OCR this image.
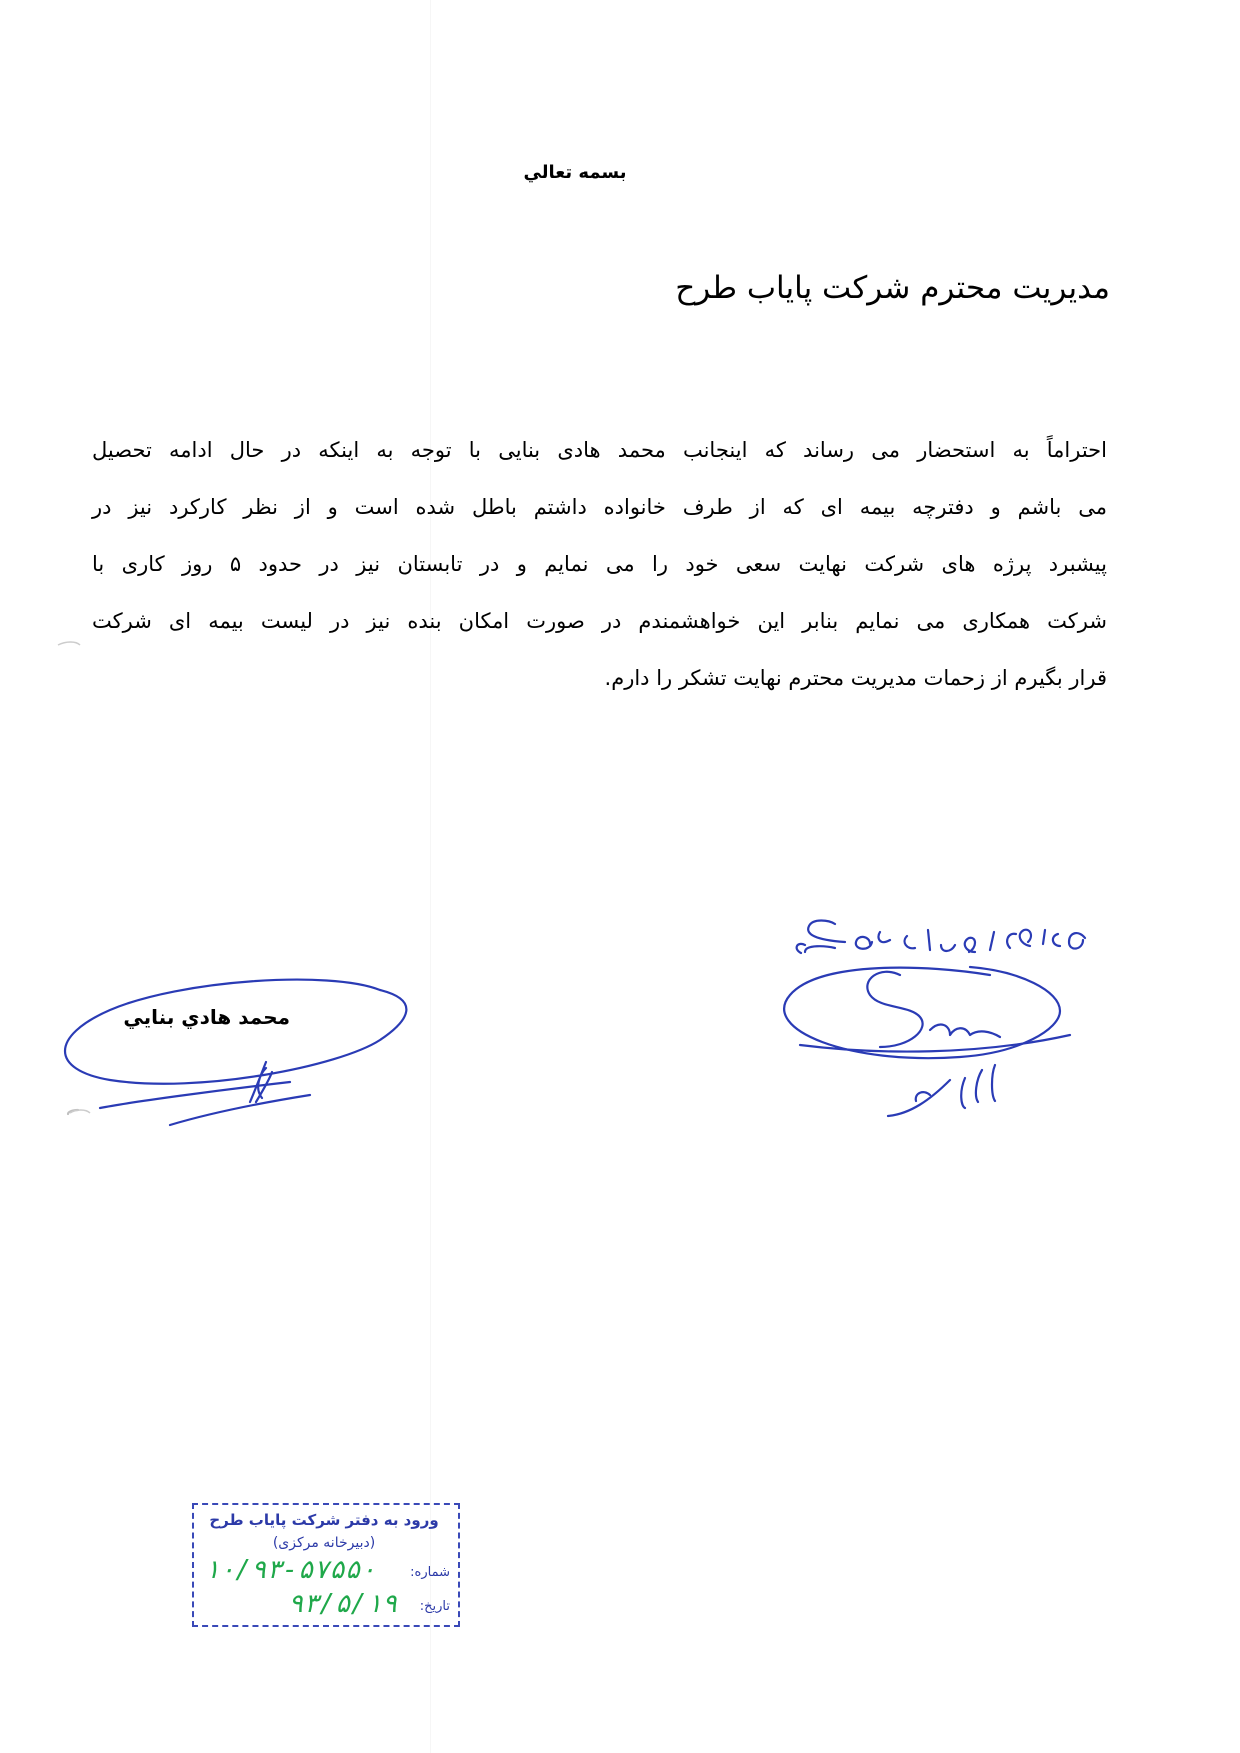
بسمه تعالي
مدیریت محترم شرکت پایاب طرح
احتراماً به استحضار می رساند که اینجانب محمد هادی بنایی با توجه به اینکه در حال ادامه تحصیل
می باشم و دفترچه بیمه ای که از طرف خانواده داشتم باطل شده است و از نظر کارکرد نیز در
پیشبرد پرژه های شرکت نهایت سعی خود را می نمایم و در تابستان نیز در حدود ۵ روز کاری با
شرکت همکاری می نمایم بنابر این خواهشمندم در صورت امکان بنده نیز در لیست بیمه ای شرکت
قرار بگیرم از زحمات مدیریت محترم نهایت تشکر را دارم.
محمد هادي بنايي
ورود به دفتر شرکت پایاب طرح
(دبیرخانه مرکزی)
شماره:
۱۰/۹۳-۵۷۵۵۰
تاریخ:
۹۳/۵/۱۹
